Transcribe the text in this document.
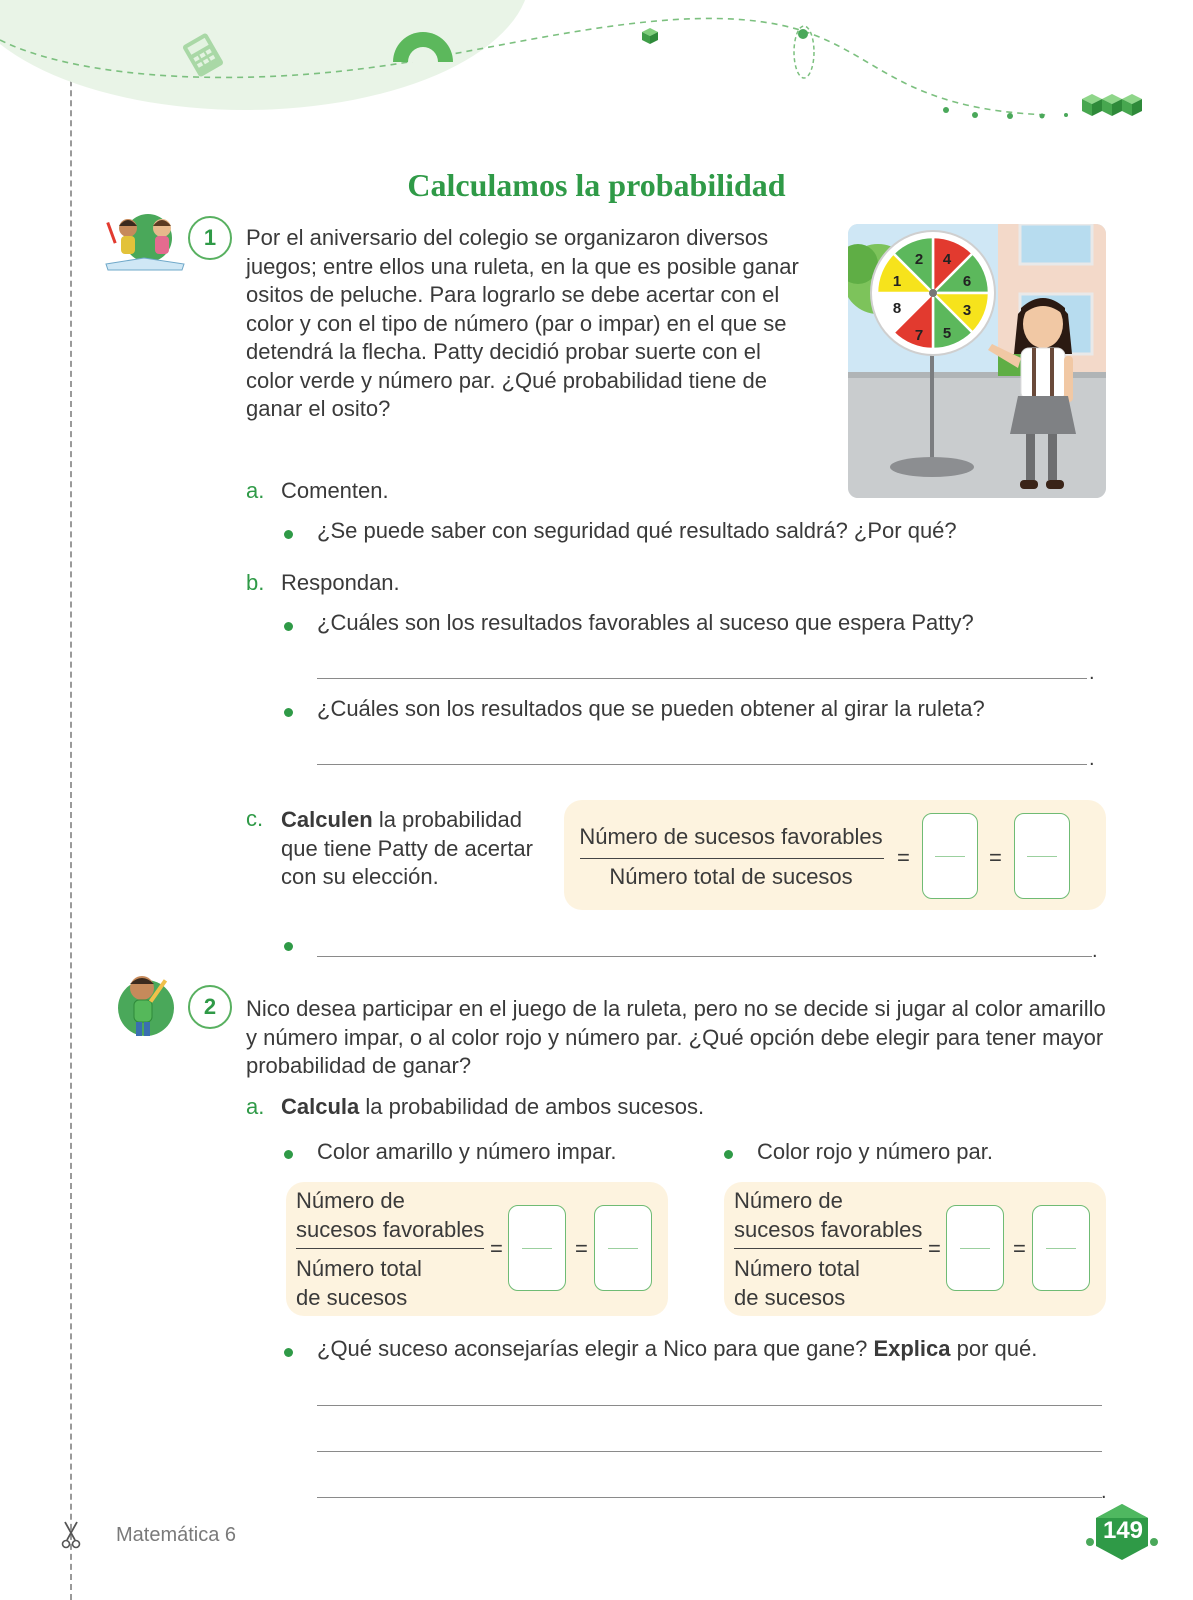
Calculamos la probabilidad
1	Por el aniversario del colegio se organizaron diversos juegos; entre ellos una ruleta, en la que es posible ganar ositos de peluche. Para lograrlo se debe acertar con el color y con el tipo de número (par o impar) en el que se detendrá la flecha. Patty decidió probar suerte con el color verde y número par. ¿Qué probabilidad tiene de ganar el osito?

2 4
6
3
5
7
8
1
a. Comenten.
¿Se puede saber con seguridad qué resultado saldrá? ¿Por qué?
b. Respondan.
¿Cuáles son los resultados favorables al suceso que espera Patty?
.
¿Cuáles son los resultados que se pueden obtener al girar la ruleta?
.
c. Calculen la probabilidad que tiene Patty de acertar con su elección.
Número de sucesos favorables
Número total de sucesos
=	=
.
2	Nico desea participar en el juego de la ruleta, pero no se decide si jugar al color amarillo y número impar, o al color rojo y número par. ¿Qué opción debe elegir para tener mayor probabilidad de ganar?

a. Calcula la probabilidad de ambos sucesos.
Color amarillo y número impar.	Color rojo y número par.
Número de
sucesos favorables
Número total
de sucesos
=	=
Número de
sucesos favorables
Número total
de sucesos
=	=
¿Qué suceso aconsejarías elegir a Nico para que gane? Explica por qué.
.
Matemática 6	149
